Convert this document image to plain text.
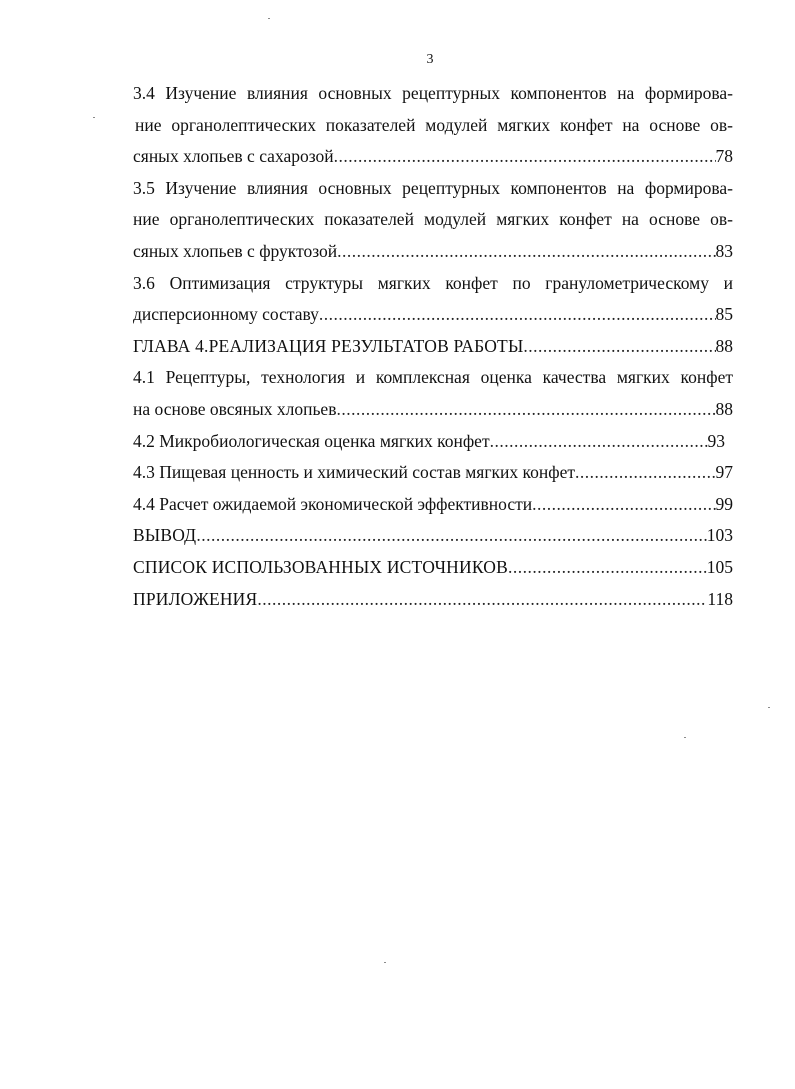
3
3.4 Изучение влияния основных рецептурных компонентов на формирова-
ние органолептических показателей модулей мягких конфет на основе ов-
сяных хлопьев с сахарозой .....	78
3.5 Изучение влияния основных рецептурных компонентов на формирова-
ние органолептических показателей модулей мягких конфет на основе ов-
сяных хлопьев с фруктозой .....	83
3.6 Оптимизация структуры мягких конфет по гранулометрическому и
дисперсионному составу .....	85
ГЛАВА 4.РЕАЛИЗАЦИЯ РЕЗУЛЬТАТОВ РАБОТЫ .....	88
4.1 Рецептуры, технология и комплексная оценка качества мягких конфет
на основе овсяных хлопьев .....	88
4.2 Микробиологическая оценка мягких конфет .....	93
4.3 Пищевая ценность и химический состав мягких конфет .....	97
4.4 Расчет ожидаемой экономической эффективности .....	99
ВЫВОД .....	103
СПИСОК ИСПОЛЬЗОВАННЫХ ИСТОЧНИКОВ .....	105
ПРИЛОЖЕНИЯ .....	118
